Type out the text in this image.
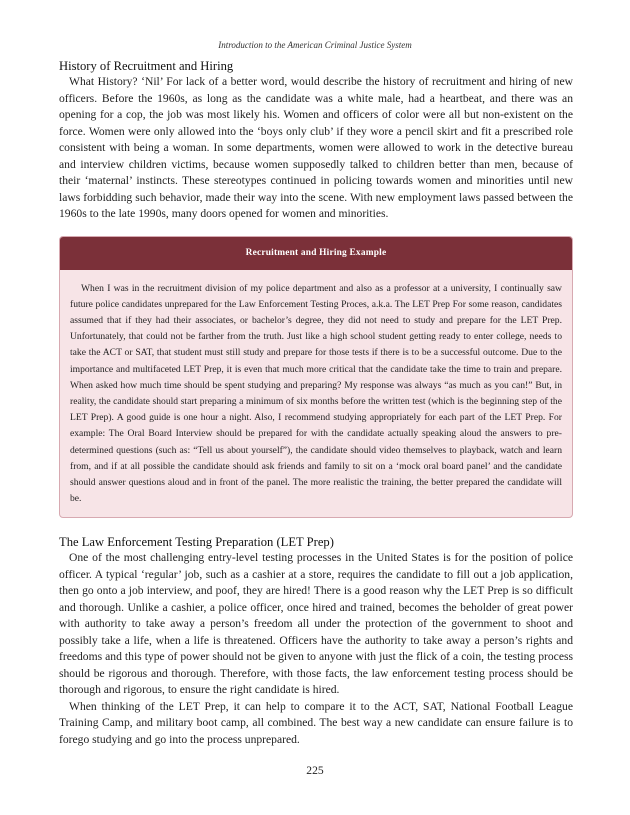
Introduction to the American Criminal Justice System
History of Recruitment and Hiring

What History? ‘Nil’ For lack of a better word, would describe the history of recruitment and hiring of new officers. Before the 1960s, as long as the candidate was a white male, had a heartbeat, and there was an opening for a cop, the job was most likely his. Women and officers of color were all but non-existent on the force. Women were only allowed into the ‘boys only club’ if they wore a pencil skirt and fit a prescribed role consistent with being a woman. In some departments, women were allowed to work in the detective bureau and interview children victims, because women supposedly talked to children better than men, because of their ‘maternal’ instincts. These stereotypes continued in policing towards women and minorities until new laws forbidding such behavior, made their way into the scene. With new employment laws passed between the 1960s to the late 1990s, many doors opened for women and minorities.

Recruitment and Hiring Example

When I was in the recruitment division of my police department and also as a professor at a university, I continually saw future police candidates unprepared for the Law Enforcement Testing Proces, a.k.a. The LET Prep For some reason, candidates assumed that if they had their associates, or bachelor’s degree, they did not need to study and prepare for the LET Prep. Unfortunately, that could not be farther from the truth. Just like a high school student getting ready to enter college, needs to take the ACT or SAT, that student must still study and prepare for those tests if there is to be a successful outcome. Due to the importance and multifaceted LET Prep, it is even that much more critical that the candidate take the time to train and prepare. When asked how much time should be spent studying and preparing? My response was always “as much as you can!” But, in reality, the candidate should start preparing a minimum of six months before the written test (which is the beginning step of the LET Prep). A good guide is one hour a night. Also, I recommend studying appropriately for each part of the LET Prep. For example: The Oral Board Interview should be prepared for with the candidate actually speaking aloud the answers to pre-determined questions (such as: “Tell us about yourself”), the candidate should video themselves to playback, watch and learn from, and if at all possible the candidate should ask friends and family to sit on a ‘mock oral board panel’ and the candidate should answer questions aloud and in front of the panel. The more realistic the training, the better prepared the candidate will be.

The Law Enforcement Testing Preparation (LET Prep)

One of the most challenging entry-level testing processes in the United States is for the position of police officer. A typical ‘regular’ job, such as a cashier at a store, requires the candidate to fill out a job application, then go onto a job interview, and poof, they are hired! There is a good reason why the LET Prep is so difficult and thorough. Unlike a cashier, a police officer, once hired and trained, becomes the beholder of great power with authority to take away a person’s freedom all under the protection of the government to shoot and possibly take a life, when a life is threatened. Officers have the authority to take away a person’s rights and freedoms and this type of power should not be given to anyone with just the flick of a coin, the testing process should be rigorous and thorough. Therefore, with those facts, the law enforcement testing process should be thorough and rigorous, to ensure the right candidate is hired.

When thinking of the LET Prep, it can help to compare it to the ACT, SAT, National Football League Training Camp, and military boot camp, all combined. The best way a new candidate can ensure failure is to forego studying and go into the process unprepared.

225
